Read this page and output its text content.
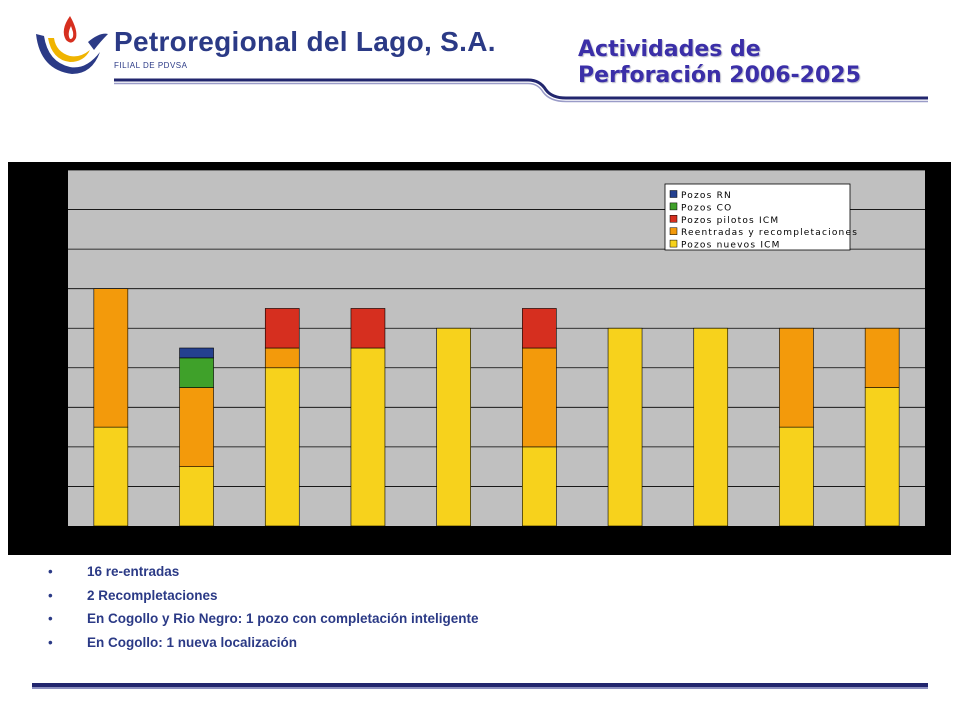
Petroregional del Lago, S.A.
FILIAL DE PDVSA
Actividades de
Perforación 2006-2025
Pozos RN
Pozos CO
Pozos pilotos ICM
Reentradas y recompletaciones
Pozos nuevos ICM
•	16 re-entradas
•	2 Recompletaciones
•	En Cogollo y Rio Negro: 1 pozo con completación inteligente
•	En Cogollo: 1 nueva localización
